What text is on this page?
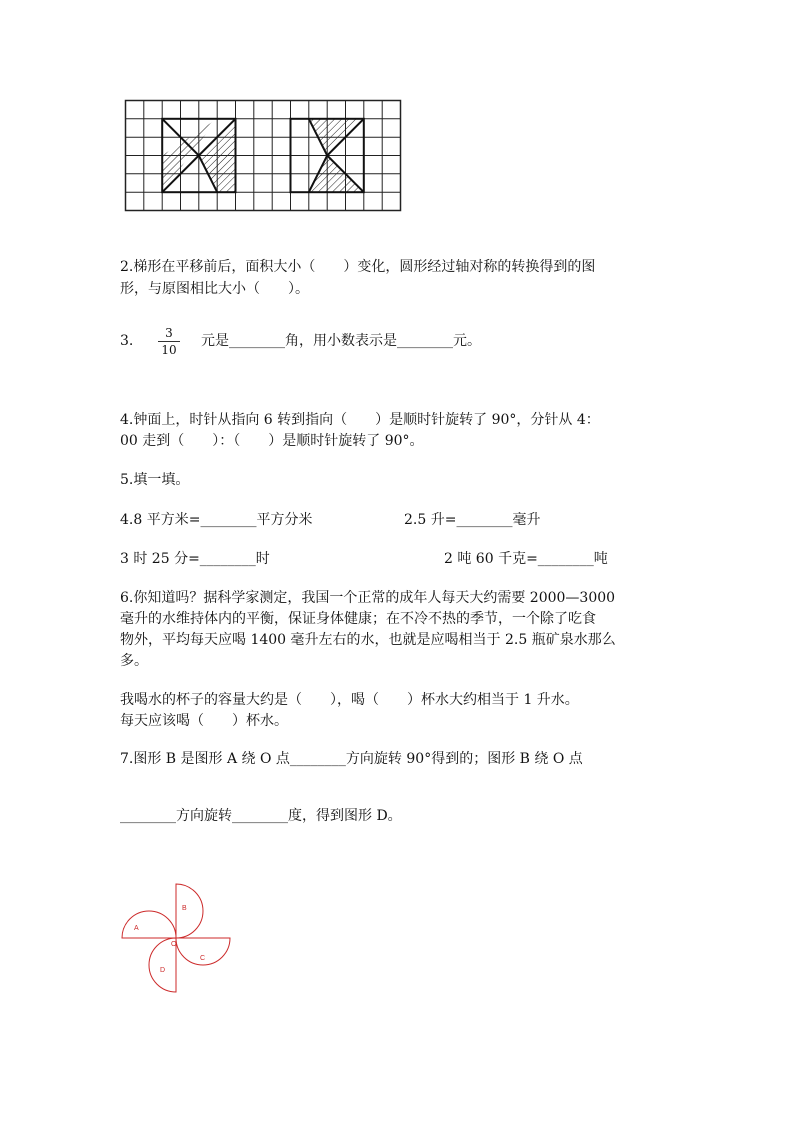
2.梯形在平移前后，面积大小（　　）变化，圆形经过轴对称的转换得到的图
形，与原图相比大小（　　）。
3.	3
10
元是________角，用小数表示是________元。
4.钟面上，时针从指向 6 转到指向（　　）是顺时针旋转了 90°，分针从 4：
00 走到（　　）：（　　）是顺时针旋转了 90°。
5.填一填。
4.8 平方米=________平方分米	2.5 升=________毫升
3 时 25 分=________时	2 吨 60 千克=________吨
6.你知道吗？据科学家测定，我国一个正常的成年人每天大约需要 2000—3000
毫升的水维持体内的平衡，保证身体健康；在不冷不热的季节，一个除了吃食
物外，平均每天应喝 1400 毫升左右的水，也就是应喝相当于 2.5 瓶矿泉水那么
多。
我喝水的杯子的容量大约是（　　），喝（　　）杯水大约相当于 1 升水。
每天应该喝（　　）杯水。
7.图形 B 是图形 A 绕 O 点________方向旋转 90°得到的；图形 B 绕 O 点
________方向旋转________度，得到图形 D。
A
B
C
D
O
